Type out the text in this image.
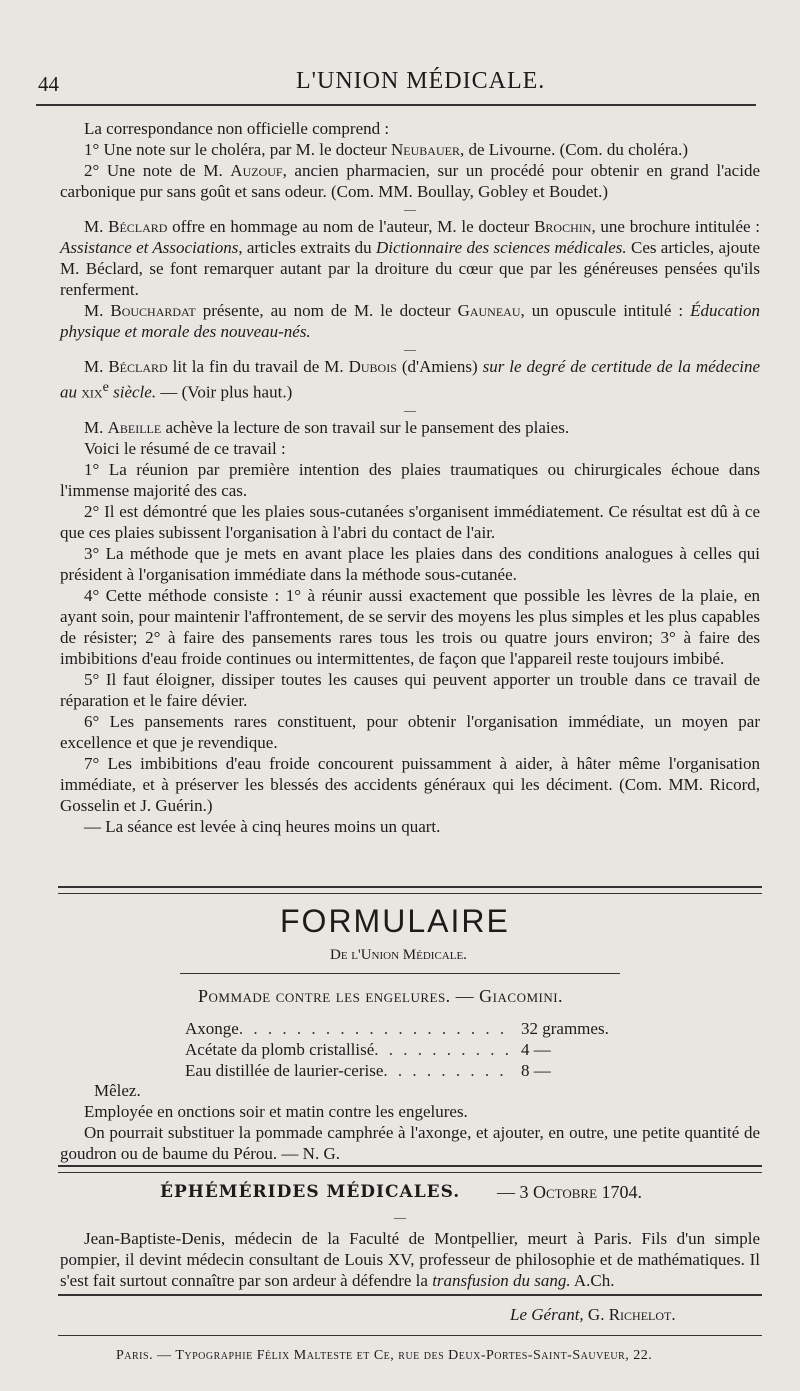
44	L'UNION MÉDICALE.

La correspondance non officielle comprend :

1° Une note sur le choléra, par M. le docteur Neubauer, de Livourne. (Com. du choléra.)

2° Une note de M. Auzouf, ancien pharmacien, sur un procédé pour obtenir en grand l'acide carbonique pur sans goût et sans odeur. (Com. MM. Boullay, Gobley et Boudet.)

—

M. Béclard offre en hommage au nom de l'auteur, M. le docteur Brochin, une brochure intitulée : Assistance et Associations, articles extraits du Dictionnaire des sciences médicales. Ces articles, ajoute M. Béclard, se font remarquer autant par la droiture du cœur que par les généreuses pensées qu'ils renferment.

M. Bouchardat présente, au nom de M. le docteur Gauneau, un opuscule intitulé : Éducation physique et morale des nouveau-nés.

—

M. Béclard lit la fin du travail de M. Dubois (d'Amiens) sur le degré de certitude de la médecine au xix$^e$ siècle. — (Voir plus haut.)

—

M. Abeille achève la lecture de son travail sur le pansement des plaies.

Voici le résumé de ce travail :

1° La réunion par première intention des plaies traumatiques ou chirurgicales échoue dans l'immense majorité des cas.

2° Il est démontré que les plaies sous-cutanées s'organisent immédiatement. Ce résultat est dû à ce que ces plaies subissent l'organisation à l'abri du contact de l'air.

3° La méthode que je mets en avant place les plaies dans des conditions analogues à celles qui président à l'organisation immédiate dans la méthode sous-cutanée.

4° Cette méthode consiste : 1° à réunir aussi exactement que possible les lèvres de la plaie, en ayant soin, pour maintenir l'affrontement, de se servir des moyens les plus simples et les plus capables de résister; 2° à faire des pansements rares tous les trois ou quatre jours environ; 3° à faire des imbibitions d'eau froide continues ou intermittentes, de façon que l'appareil reste toujours imbibé.

5° Il faut éloigner, dissiper toutes les causes qui peuvent apporter un trouble dans ce travail de réparation et le faire dévier.

6° Les pansements rares constituent, pour obtenir l'organisation immédiate, un moyen par excellence et que je revendique.

7° Les imbibitions d'eau froide concourent puissamment à aider, à hâter même l'organisation immédiate, et à préserver les blessés des accidents généraux qui les déciment. (Com. MM. Ricord, Gosselin et J. Guérin.)

— La séance est levée à cinq heures moins un quart.

FORMULAIRE
De l'Union Médicale.
Pommade contre les engelures. — Giacomini.
Axonge . . .	32 grammes.
Acétate da plomb cristallisé . . .	4 —
Eau distillée de laurier-cerise . . .	8 —

Mêlez.

Employée en onctions soir et matin contre les engelures.

On pourrait substituer la pommade camphrée à l'axonge, et ajouter, en outre, une petite quantité de goudron ou de baume du Pérou. — N. G.

ÉPHÉMÉRIDES MÉDICALES. — 3 Octobre 1704.
—

Jean-Baptiste-Denis, médecin de la Faculté de Montpellier, meurt à Paris. Fils d'un simple pompier, il devint médecin consultant de Louis XV, professeur de philosophie et de mathématiques. Il s'est fait surtout connaître par son ardeur à défendre la transfusion du sang. A.Ch.

Le Gérant, G. Richelot.
Paris. — Typographie Félix Malteste et Ce, rue des Deux-Portes-Saint-Sauveur, 22.
